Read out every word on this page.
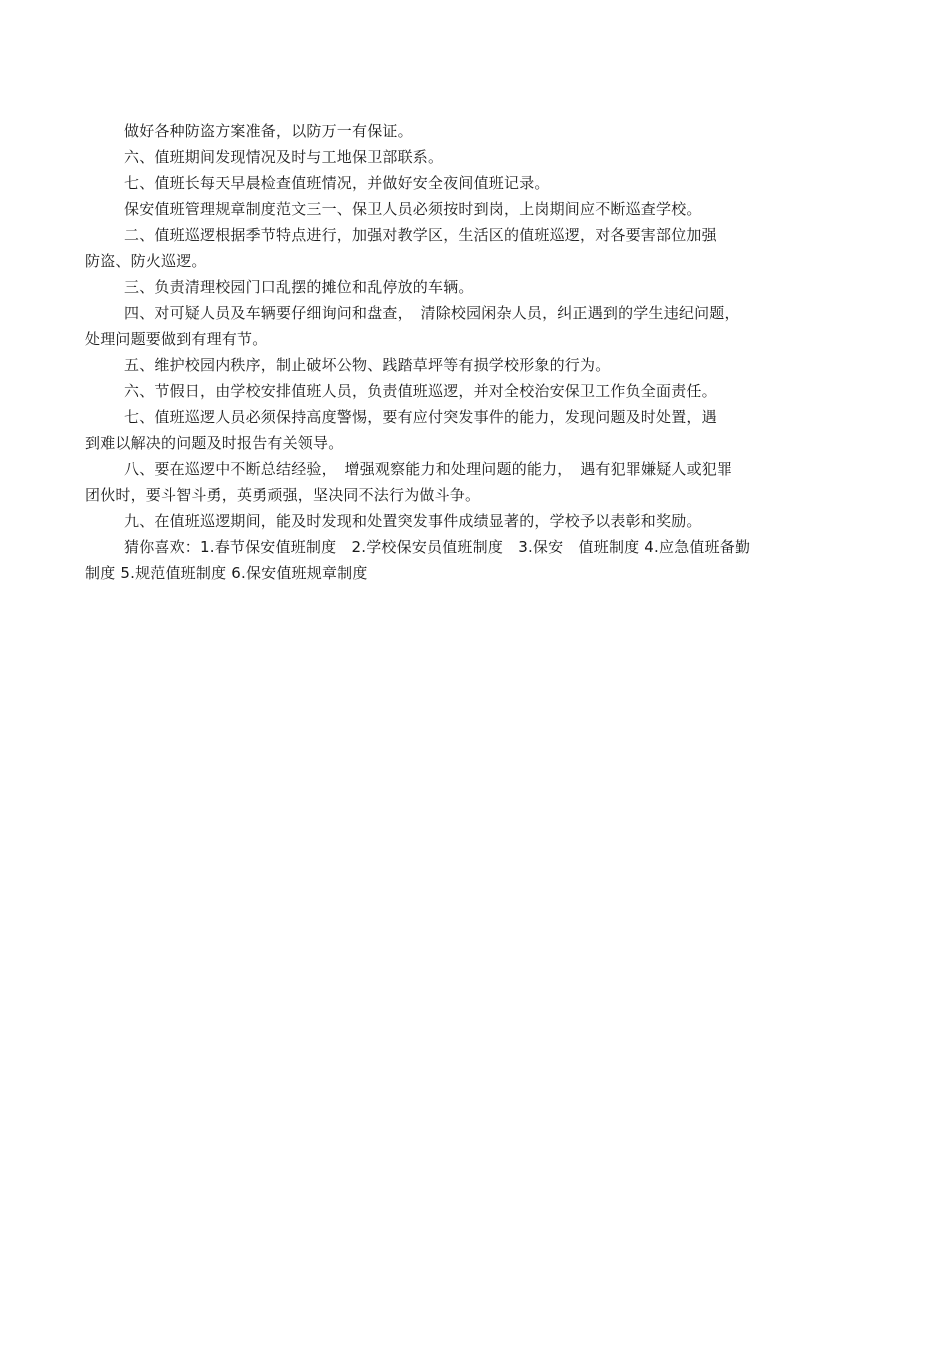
做好各种防盗方案准备，以防万一有保证。

六、值班期间发现情况及时与工地保卫部联系。

七、值班长每天早晨检查值班情况，并做好安全夜间值班记录。

保安值班管理规章制度范文三一、保卫人员必须按时到岗，上岗期间应不断巡查学校。

二、值班巡逻根据季节特点进行，加强对教学区，生活区的值班巡逻，对各要害部位加强
防盗、防火巡逻。

三、负责清理校园门口乱摆的摊位和乱停放的车辆。

四、对可疑人员及车辆要仔细询问和盘查，　清除校园闲杂人员，纠正遇到的学生违纪问题，
处理问题要做到有理有节。

五、维护校园内秩序，制止破坏公物、践踏草坪等有损学校形象的行为。

六、节假日，由学校安排值班人员，负责值班巡逻，并对全校治安保卫工作负全面责任。

七、值班巡逻人员必须保持高度警惕，要有应付突发事件的能力，发现问题及时处置，遇
到难以解决的问题及时报告有关领导。

八、要在巡逻中不断总结经验，　增强观察能力和处理问题的能力，　遇有犯罪嫌疑人或犯罪
团伙时，要斗智斗勇，英勇顽强，坚决同不法行为做斗争。

九、在值班巡逻期间，能及时发现和处置突发事件成绩显著的，学校予以表彰和奖励。

猜你喜欢：1.春节保安值班制度　2.学校保安员值班制度　3.保安　值班制度 4.应急值班备勤
制度 5.规范值班制度 6.保安值班规章制度
